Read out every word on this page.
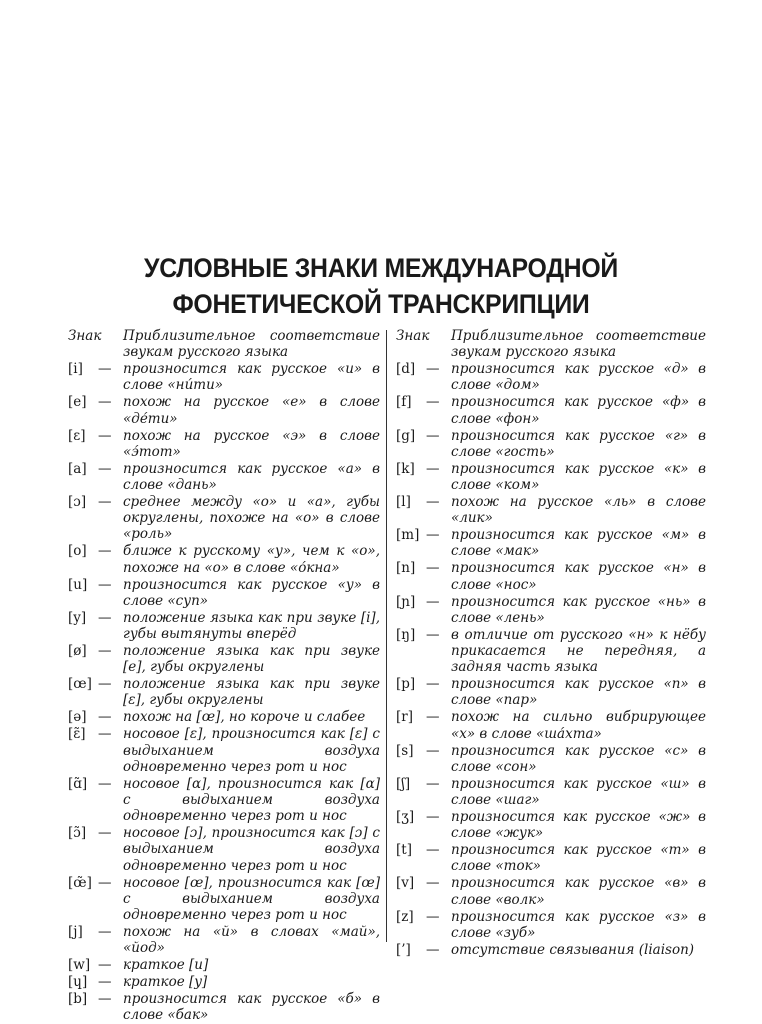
УСЛОВНЫЕ ЗНАКИ МЕЖДУНАРОДНОЙ
ФОНЕТИЧЕСКОЙ ТРАНСКРИПЦИИ
Знак	Приблизительное соответствие звукам русского языка
[i]	— произносится как русское «и» в слове «ни́ти»
[e] — похож на русское «е» в слове «де́ти»
[ɛ] — похож на русское «э» в слове «э́тот»
[a] — произносится как русское «а» в слове «дань»
[ɔ] — среднее между «о» и «а», губы округлены, похоже на «о» в слове «роль»
[o] — ближе к русскому «у», чем к «о», похоже на «о» в слове «о́кна»
[u] — произносится как русское «у» в слове «суп»
[y] — положение языка как при звуке [i], губы вытянуты вперёд
[ø] — положение языка как при звуке [e], губы округлены
[œ] — положение языка как при звуке [ɛ], губы округлены
[ə] — похож на [œ], но короче и слабее
[ɛ̃] — носовое [ɛ], произносится как [ɛ] с выдыханием воздуха одновременно через рот и нос
[ɑ̃] — носовое [ɑ], произносится как [ɑ] с выдыханием воздуха одновременно через рот и нос
[ɔ̃] — носовое [ɔ], произносится как [ɔ] с выдыханием воздуха одновременно через рот и нос
[œ̃] — носовое [œ], произносится как [œ] с выдыханием воздуха одновременно через рот и нос
[j]	— похож на «й» в словах «май», «йод»
[w] — краткое [u]
[ɥ] — краткое [y]
[b] — произносится как русское «б» в слове «бак»
Знак	Приблизительное соответствие звукам русского языка
[d] — произносится как русское «д» в слове «дом»
[f]	— произносится как русское «ф» в слове «фон»
[g] — произносится как русское «г» в слове «гость»
[k] — произносится как русское «к» в слове «ком»
[l]	— похож на русское «ль» в слове «лик»
[m] — произносится как русское «м» в слове «мак»
[n] — произносится как русское «н» в слове «нос»
[ɲ] — произносится как русское «нь» в слове «лень»
[ŋ] — в отличие от русского «н» к нёбу прикасается не передняя, а задняя часть языка
[p] — произносится как русское «п» в слове «пар»
[r] — похож на сильно вибрирующее «х» в слове «ша́хта»
[s] — произносится как русское «с» в слове «сон»
[ʃ]	— произносится как русское «ш» в слове «шаг»
[ʒ] — произносится как русское «ж» в слове «жук»
[t]	— произносится как русское «т» в слове «ток»
[v] — произносится как русское «в» в слове «волк»
[z] — произносится как русское «з» в слове «зуб»
[’]	— отсутствие связывания (liaison)
